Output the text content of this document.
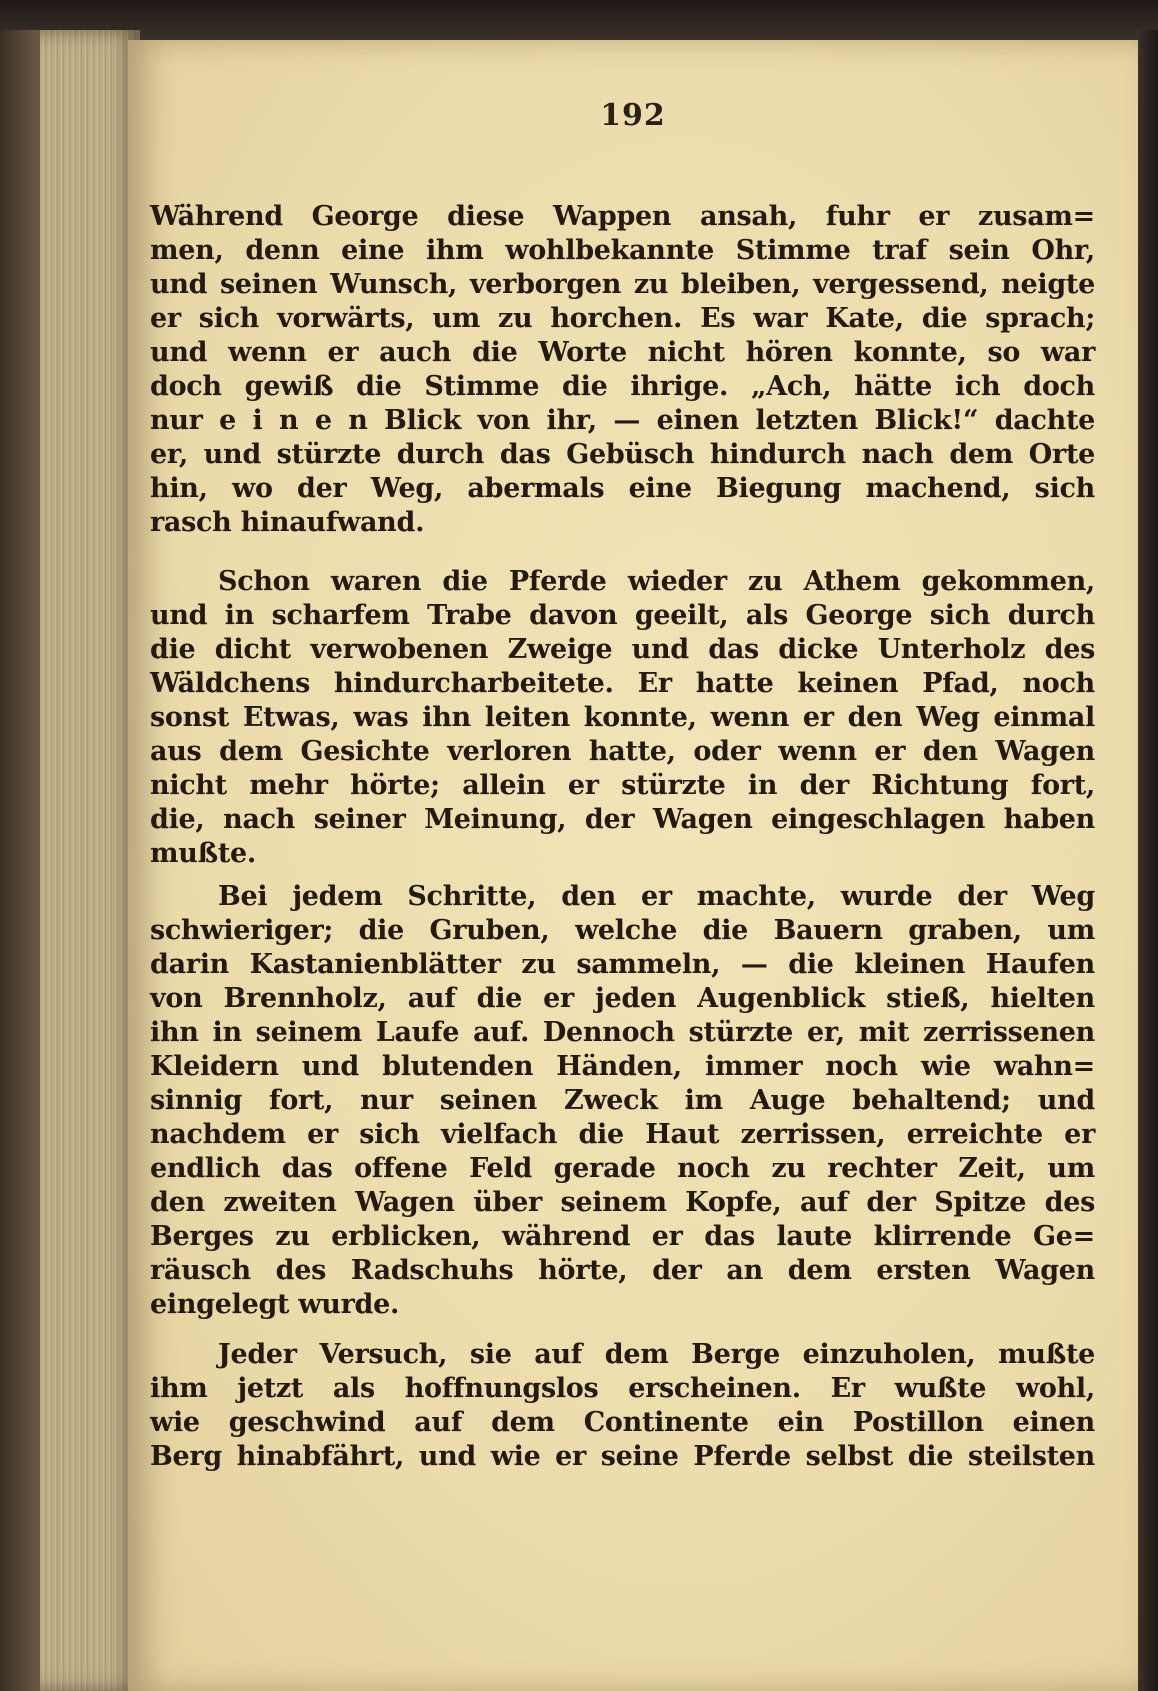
192
Während George diese Wappen ansah, fuhr er zusam=
men, denn eine ihm wohlbekannte Stimme traf sein Ohr,
und seinen Wunsch, verborgen zu bleiben, vergessend, neigte
er sich vorwärts, um zu horchen. Es war Kate, die sprach;
und wenn er auch die Worte nicht hören konnte, so war
doch gewiß die Stimme die ihrige. „Ach, hätte ich doch
nur e i n e n Blick von ihr, — einen letzten Blick!“ dachte
er, und stürzte durch das Gebüsch hindurch nach dem Orte
hin, wo der Weg, abermals eine Biegung machend, sich
rasch hinaufwand.
Schon waren die Pferde wieder zu Athem gekommen,
und in scharfem Trabe davon geeilt, als George sich durch
die dicht verwobenen Zweige und das dicke Unterholz des
Wäldchens hindurcharbeitete. Er hatte keinen Pfad, noch
sonst Etwas, was ihn leiten konnte, wenn er den Weg einmal
aus dem Gesichte verloren hatte, oder wenn er den Wagen
nicht mehr hörte; allein er stürzte in der Richtung fort,
die, nach seiner Meinung, der Wagen eingeschlagen haben
mußte.
Bei jedem Schritte, den er machte, wurde der Weg
schwieriger; die Gruben, welche die Bauern graben, um
darin Kastanienblätter zu sammeln, — die kleinen Haufen
von Brennholz, auf die er jeden Augenblick stieß, hielten
ihn in seinem Laufe auf. Dennoch stürzte er, mit zerrissenen
Kleidern und blutenden Händen, immer noch wie wahn=
sinnig fort, nur seinen Zweck im Auge behaltend; und
nachdem er sich vielfach die Haut zerrissen, erreichte er
endlich das offene Feld gerade noch zu rechter Zeit, um
den zweiten Wagen über seinem Kopfe, auf der Spitze des
Berges zu erblicken, während er das laute klirrende Ge=
räusch des Radschuhs hörte, der an dem ersten Wagen
eingelegt wurde.
Jeder Versuch, sie auf dem Berge einzuholen, mußte
ihm jetzt als hoffnungslos erscheinen. Er wußte wohl,
wie geschwind auf dem Continente ein Postillon einen
Berg hinabfährt, und wie er seine Pferde selbst die steilsten
